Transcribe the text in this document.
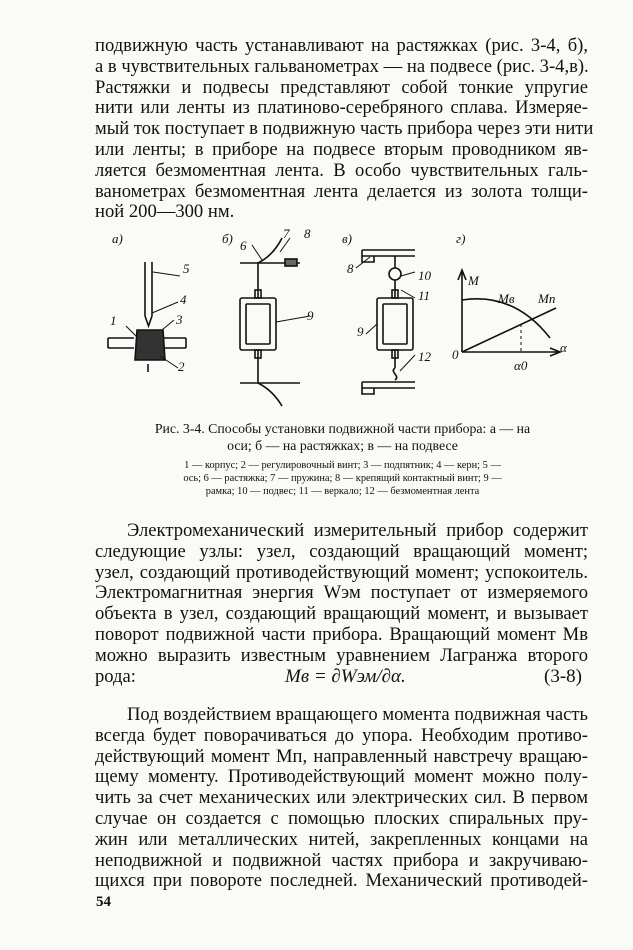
подвижную часть устанавливают на растяжках (рис. 3-4, б),
а в чувствительных гальванометрах — на подвесе (рис. 3-4,в).
Растяжки и подвесы представляют собой тонкие упругие
нити или ленты из платиново-серебряного сплава. Измеряе-
мый ток поступает в подвижную часть прибора через эти нити
или ленты; в приборе на подвесе вторым проводником яв-
ляется безмоментная лента. В особо чувствительных галь-
ванометрах безмоментная лента делается из золота толщи-
ной 200—300 нм.
а)
5
4
1	3
2
б) 6
7 8
9
в)
8
9
10
11
12
г)
M
Mв Mп
0
α0
α
Рис. 3-4. Способы установки подвижной части прибора: а — на
оси; б — на растяжках; в — на подвесе
1 — корпус; 2 — регулировочный винт; 3 — подпятник; 4 — керн; 5 —
ось; 6 — растяжка; 7 — пружина; 8 — крепящий контактный винт; 9 —
рамка; 10 — подвес; 11 — веркало; 12 — безмоментная лента
Электромеханический измерительный прибор содержит
следующие узлы: узел, создающий вращающий момент;
узел, создающий противодействующий момент; успокоитель.
Электромагнитная энергия Wэм поступает от измеряемого
объекта в узел, создающий вращающий момент, и вызывает
поворот подвижной части прибора. Вращающий момент Mв
можно выразить известным уравнением Лагранжа второго
рода:	Mв = ∂Wэм/∂α.	(3-8)
Под воздействием вращающего момента подвижная часть
всегда будет поворачиваться до упора. Необходим противо-
действующий момент Mп, направленный навстречу вращаю-
щему моменту. Противодействующий момент можно полу-
чить за счет механических или электрических сил. В первом
случае он создается с помощью плоских спиральных пру-
жин или металлических нитей, закрепленных концами на
неподвижной и подвижной частях прибора и закручиваю-
щихся при повороте последней. Механический противодей-
54
